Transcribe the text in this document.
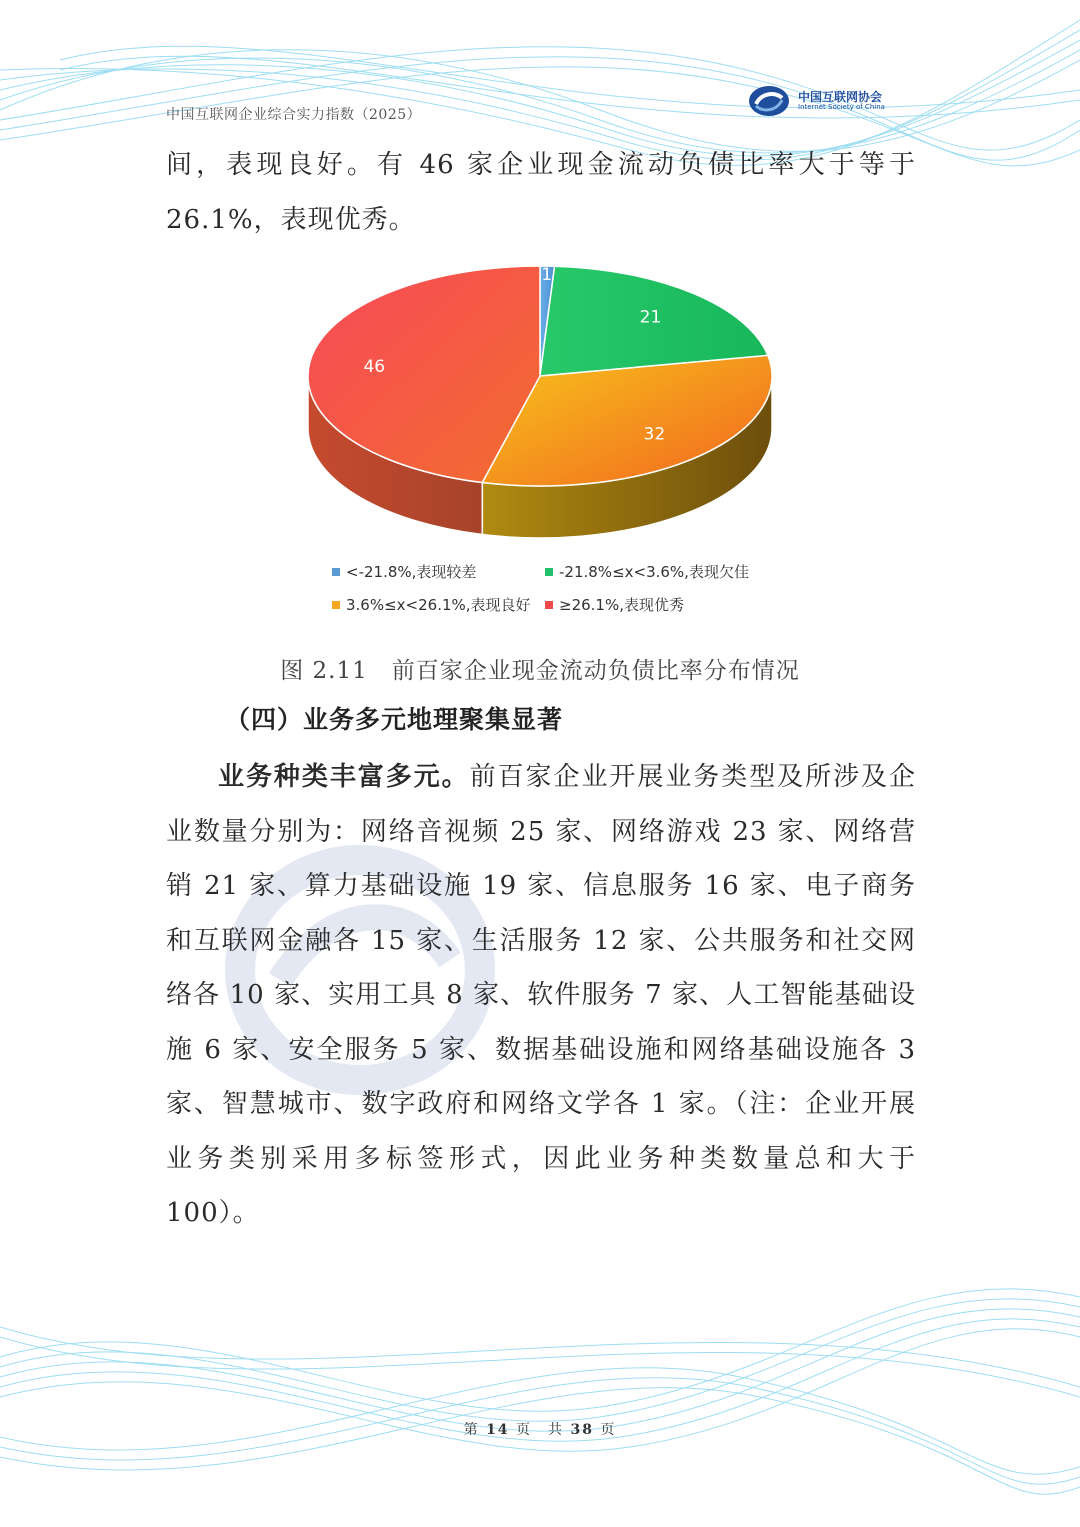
中国互联网企业综合实力指数（2025）
中国互联网协会
Internet Society of China

间，表现良好。有 46 家企业现金流动负债比率大于等于 26.1%，表现优秀。

1
21
32
46
<-21.8%,表现较差	-21.8%≤x<3.6%,表现欠佳
3.6%≤x<26.1%,表现良好 ≥26.1%,表现优秀
图 2.11　前百家企业现金流动负债比率分布情况
（四）业务多元地理聚集显著

业务种类丰富多元。前百家企业开展业务类型及所涉及企业数量分别为：网络音视频 25 家、网络游戏 23 家、网络营销 21 家、算力基础设施 19 家、信息服务 16 家、电子商务和互联网金融各 15 家、生活服务 12 家、公共服务和社交网络各 10 家、实用工具 8 家、软件服务 7 家、人工智能基础设施 6 家、安全服务 5 家、数据基础设施和网络基础设施各 3 家、智慧城市、数字政府和网络文学各 1 家。（注：企业开展业务类别采用多标签形式，因此业务种类数量总和大于 100）。

第 14 页　共 38 页
